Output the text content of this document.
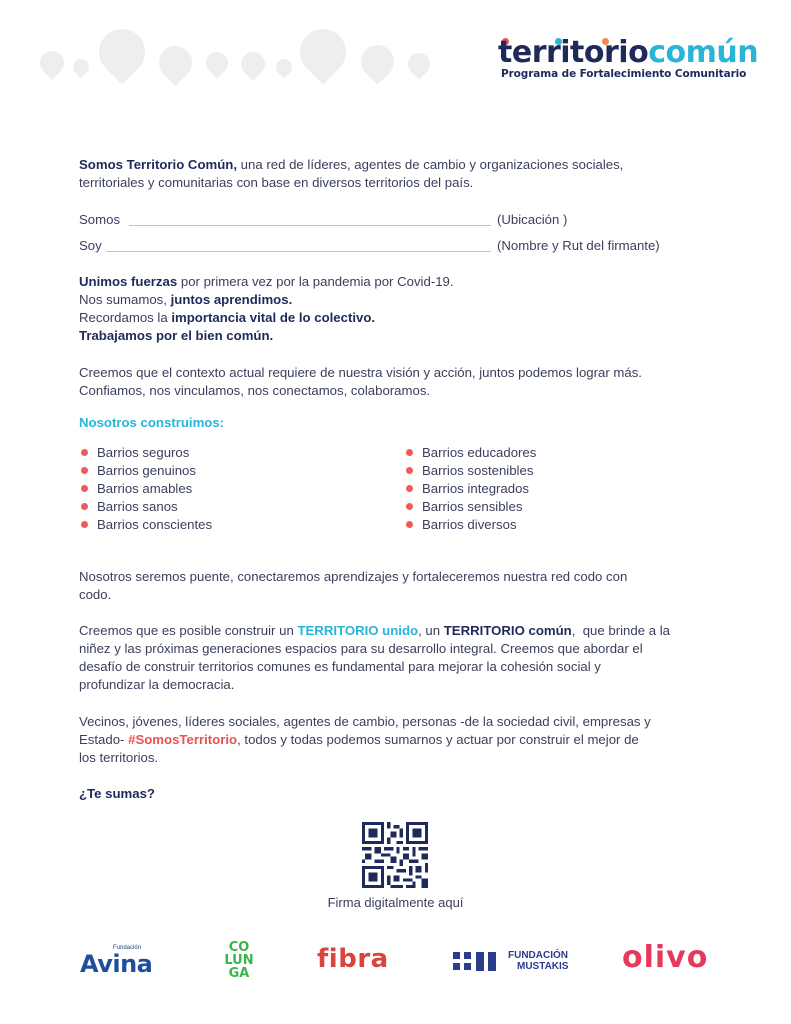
territoriocomún
Programa de Fortalecimiento Comunitario
Somos Territorio Común, una red de líderes, agentes de cambio y organizaciones sociales,
territoriales y comunitarias con base en diversos territorios del país.
Somos	(Ubicación )
Soy	(Nombre y Rut del firmante)
Unimos fuerzas por primera vez por la pandemia por Covid-19.
Nos sumamos, juntos aprendimos.
Recordamos la importancia vital de lo colectivo.
Trabajamos por el bien común.
Creemos que el contexto actual requiere de nuestra visión y acción, juntos podemos lograr más.
Confiamos, nos vinculamos, nos conectamos, colaboramos.
Nosotros construimos:
Barrios seguros
Barrios genuinos
Barrios amables
Barrios sanos
Barrios conscientes
Barrios educadores
Barrios sostenibles
Barrios integrados
Barrios sensibles
Barrios diversos
Nosotros seremos puente, conectaremos aprendizajes y fortaleceremos nuestra red codo con
codo.
Creemos que es posible construir un TERRITORIO unido, un TERRITORIO común,  que brinde a la
niñez y las próximas generaciones espacios para su desarrollo integral. Creemos que abordar el
desafío de construir territorios comunes es fundamental para mejorar la cohesión social y
profundizar la democracia.
Vecinos, jóvenes, líderes sociales, agentes de cambio, personas -de la sociedad civil, empresas y
Estado- #SomosTerritorio, todos y todas podemos sumarnos y actuar por construir el mejor de
los territorios.
¿Te sumas?
Firma digitalmente aquí
Fundación
Avina
CO
LUN
GA	fibra	FUNDACIÓN
MUSTAKIS olivo
